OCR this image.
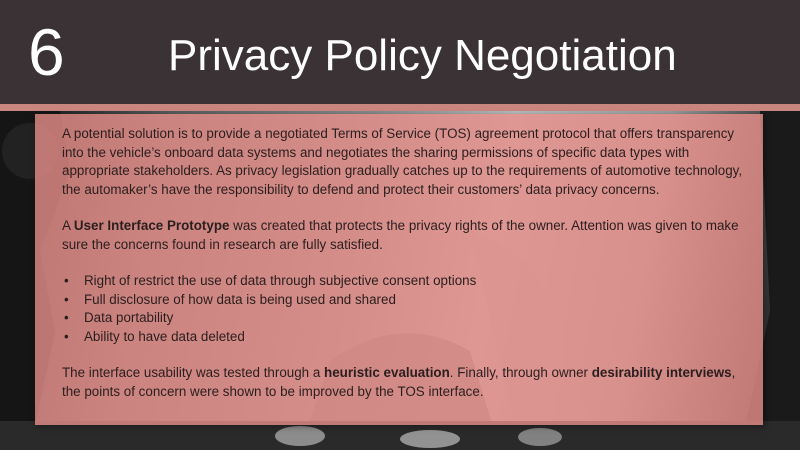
6 Privacy Policy Negotiation

A potential solution is to provide a negotiated Terms of Service (TOS) agreement protocol that offers transparency into the vehicle’s onboard data systems and negotiates the sharing permissions of specific data types with appropriate stakeholders. As privacy legislation gradually catches up to the requirements of automotive technology, the automaker’s have the responsibility to defend and protect their customers’ data privacy concerns.

A User Interface Prototype was created that protects the privacy rights of the owner. Attention was given to make sure the concerns found in research are fully satisfied.

• Right of restrict the use of data through subjective consent options
• Full disclosure of how data is being used and shared
• Data portability
• Ability to have data deleted

The interface usability was tested through a heuristic evaluation. Finally, through owner desirability interviews, the points of concern were shown to be improved by the TOS interface.
